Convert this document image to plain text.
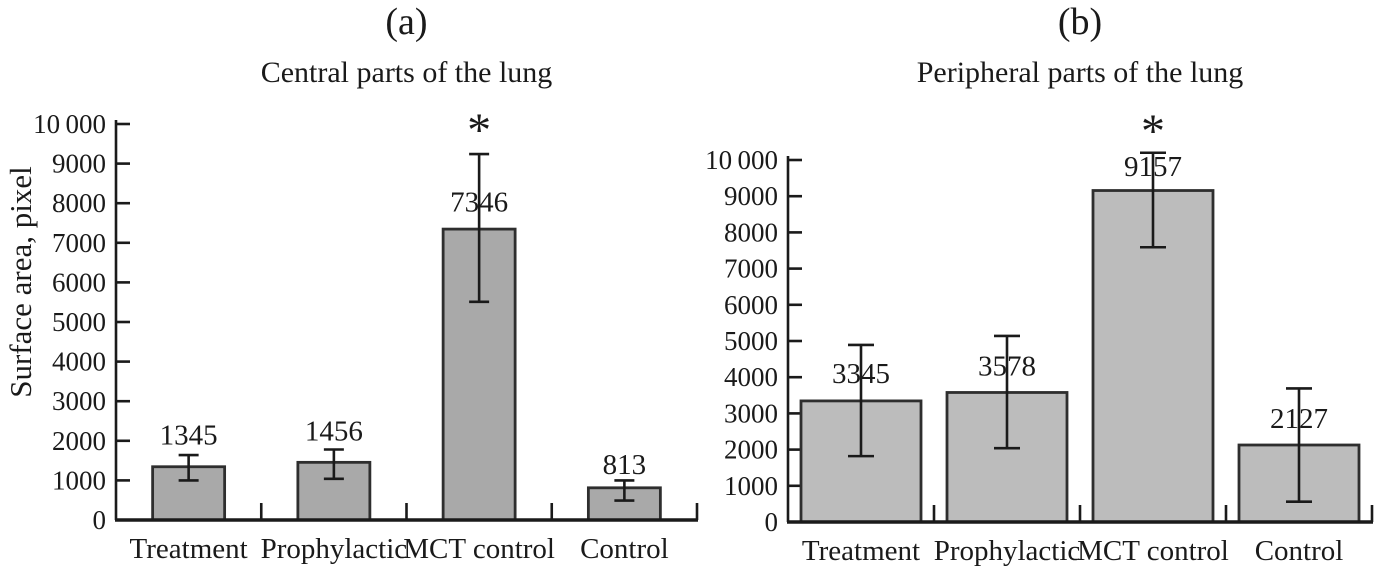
(a)
Central parts of the lung
Surface area, pixel
0
1000
2000
3000
4000
5000
6000
7000
8000
9000
10 000
1345
Treatment
1456
Prophylactic
7346
*
MCT control
813
Control
(b)
Peripheral parts of the lung
0
1000
2000
3000
4000
5000
6000
7000
8000
9000
10 000
3345
Treatment
3578
Prophylactic
9157
*
MCT control
2127
Control
